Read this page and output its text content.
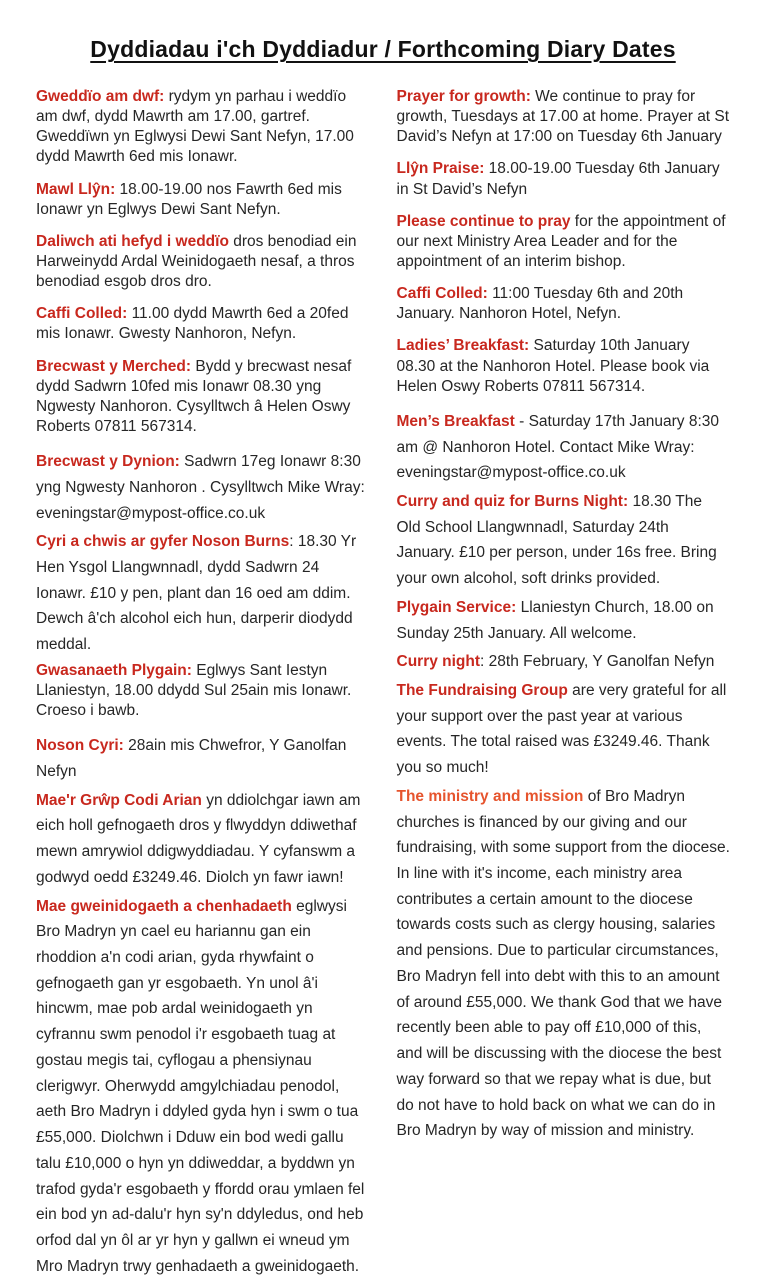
Dyddiadau i'ch Dyddiadur / Forthcoming Diary Dates

Gweddïo am dwf: rydym yn parhau i weddïo am dwf, dydd Mawrth am 17.00, gartref. Gweddïwn yn Eglwysi Dewi Sant Nefyn, 17.00 dydd Mawrth 6ed mis Ionawr.

Mawl Llŷn: 18.00-19.00 nos Fawrth 6ed mis Ionawr yn Eglwys Dewi Sant Nefyn.

Daliwch ati hefyd i weddïo dros benodiad ein Harweinydd Ardal Weinidogaeth nesaf, a thros benodiad esgob dros dro.

Caffi Colled: 11.00 dydd Mawrth 6ed a 20fed mis Ionawr. Gwesty Nanhoron, Nefyn.

Brecwast y Merched: Bydd y brecwast nesaf dydd Sadwrn 10fed mis Ionawr 08.30 yng Ngwesty Nanhoron. Cysylltwch â Helen Oswy Roberts 07811 567314.

Brecwast y Dynion: Sadwrn 17eg Ionawr 8:30 yng Ngwesty Nanhoron . Cysylltwch Mike Wray: eveningstar@mypost-office.co.uk

Cyri a chwis ar gyfer Noson Burns: 18.30 Yr Hen Ysgol Llangwnnadl, dydd Sadwrn 24 Ionawr. £10 y pen, plant dan 16 oed am ddim. Dewch â'ch alcohol eich hun, darperir diodydd meddal.

Gwasanaeth Plygain: Eglwys Sant Iestyn Llaniestyn, 18.00 ddydd Sul 25ain mis Ionawr. Croeso i bawb.

Noson Cyri: 28ain mis Chwefror, Y Ganolfan Nefyn

Mae'r Grŵp Codi Arian yn ddiolchgar iawn am eich holl gefnogaeth dros y flwyddyn ddiwethaf mewn amrywiol ddigwyddiadau. Y cyfanswm a godwyd oedd £3249.46. Diolch yn fawr iawn!

Mae gweinidogaeth a chenhadaeth eglwysi Bro Madryn yn cael eu hariannu gan ein rhoddion a'n codi arian, gyda rhywfaint o gefnogaeth gan yr esgobaeth. Yn unol â'i hincwm, mae pob ardal weinidogaeth yn cyfrannu swm penodol i'r esgobaeth tuag at gostau megis tai, cyflogau a phensiynau clerigwyr. Oherwydd amgylchiadau penodol, aeth Bro Madryn i ddyled gyda hyn i swm o tua £55,000. Diolchwn i Dduw ein bod wedi gallu talu £10,000 o hyn yn ddiweddar, a byddwn yn trafod gyda'r esgobaeth y ffordd orau ymlaen fel ein bod yn ad-dalu'r hyn sy'n ddyledus, ond heb orfod dal yn ôl ar yr hyn y gallwn ei wneud ym Mro Madryn trwy genhadaeth a gweinidogaeth.

Prayer for growth: We continue to pray for growth, Tuesdays at 17.00 at home. Prayer at St David’s Nefyn at 17:00 on Tuesday 6th January

Llŷn Praise: 18.00-19.00 Tuesday 6th January in St David’s Nefyn

Please continue to pray for the appointment of our next Ministry Area Leader and for the appointment of an interim bishop.

Caffi Colled: 11:00 Tuesday 6th and 20th January. Nanhoron Hotel, Nefyn.

Ladies’ Breakfast: Saturday 10th January 08.30 at the Nanhoron Hotel. Please book via Helen Oswy Roberts 07811 567314.

Men’s Breakfast - Saturday 17th January 8:30 am @ Nanhoron Hotel. Contact Mike Wray: eveningstar@mypost-office.co.uk

Curry and quiz for Burns Night: 18.30 The Old School Llangwnnadl, Saturday 24th January. £10 per person, under 16s free. Bring your own alcohol, soft drinks provided.

Plygain Service: Llaniestyn Church, 18.00 on Sunday 25th January. All welcome.

Curry night: 28th February, Y Ganolfan Nefyn

The Fundraising Group are very grateful for all your support over the past year at various events. The total raised was £3249.46. Thank you so much!

The ministry and mission of Bro Madryn churches is financed by our giving and our fundraising, with some support from the diocese. In line with it's income, each ministry area contributes a certain amount to the diocese towards costs such as clergy housing, salaries and pensions. Due to particular circumstances, Bro Madryn fell into debt with this to an amount of around £55,000. We thank God that we have recently been able to pay off £10,000 of this, and will be discussing with the diocese the best way forward so that we repay what is due, but do not have to hold back on what we can do in Bro Madryn by way of mission and ministry.
